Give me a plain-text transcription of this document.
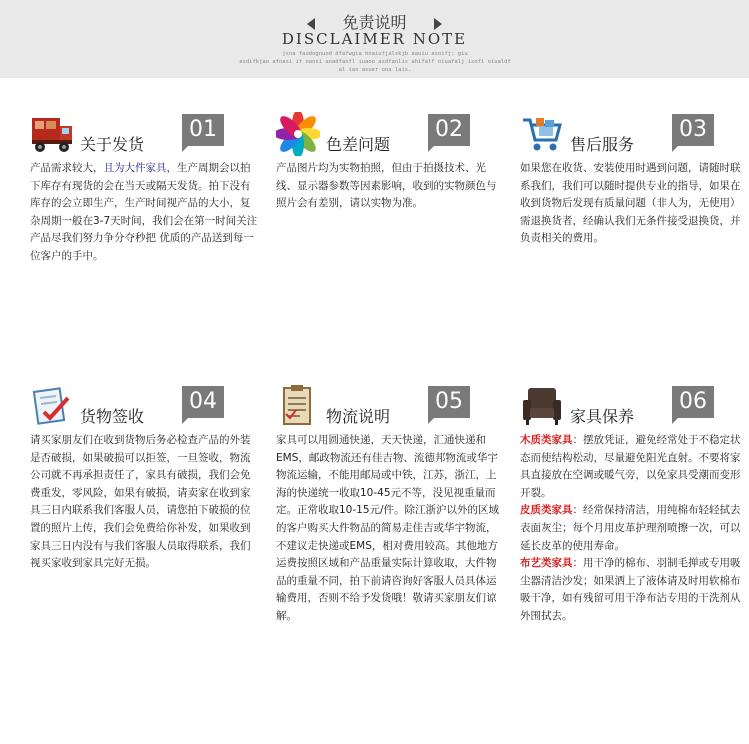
免责说明
DISCLAIMER NOTE
jsoa faudognuod dfafwgia hoaiufjalskjb aaoiu asoifj; giu
asdifkjao afoasi if oansi aoadfanfl iuaoo asdfanlis ahifalf oiuafalj isofi oiualdf
al ias asuer ooa lais.
关于发货
01
产品需求较大，且为大件家具，生产周期会以拍下库存有现货的会在当天或隔天发货。拍下没有库存的会立即生产，生产时间视产品的大小，复杂周期一般在3-7天时间，我们会在第一时间关注产品尽我们努力争分夺秒把 优质的产品送到每一位客户的手中。
色差问题
02
产品图片均为实物拍照，但由于拍摄技术、光线、显示器参数等因素影响，收到的实物颜色与照片会有差别，请以实物为准。
售后服务
03
如果您在收货、安装使用时遇到问题，请随时联系我们，我们可以随时提供专业的指导，如果在收到货物后发现有质量问题（非人为，无使用）需退换货者，经确认我们无条件接受退换货，并负责相关的费用。
货物签收
04
请买家朋友们在收到货物后务必检查产品的外装是否破损，如果破损可以拒签，一旦签收，物流公司就不再承担责任了，家具有破损，我们会免费重发，零风险，如果有破损，请卖家在收到家具三日内联系我们客服人员，请您拍下破损的位置的照片上传，我们会免费给你补发，如果收到家具三日内没有与我们客服人员取得联系，我们视买家收到家具完好无损。
物流说明
05
家具可以用圆通快递，天天快递，汇通快递和EMS，邮政物流还有佳吉物、流德邦物流或华宇物流运输，不能用邮局或中铁，江苏，浙江，上海的快递统一收取10-45元不等，没见视重量而定。正常收取10-15元/件。除江浙沪以外的区域的客户购买大件物品的简易走佳吉或华宇物流，不建议走快递或EMS，相对费用较高。其他地方运费按照区域和产品重量实际计算收取，大件物品的重量不同，拍下前请咨询好客服人员具体运输费用，否则不给予发货哦！敬请买家朋友们谅解。
家具保养
06
木质类家具：摆放凭证，避免经常处于不稳定状态而使结构松动，尽量避免阳光直射。不要将家具直接放在空调或暖气旁，以免家具受潮而变形开裂。
皮质类家具：经常保持清洁，用纯棉布轻轻拭去表面灰尘；每个月用皮革护理剂喷擦一次，可以延长皮革的使用寿命。
布艺类家具：用干净的棉布、羽制毛掸或专用吸尘器清洁沙发；如果洒上了液体请及时用软棉布吸干净，如有残留可用干净布沾专用的干洗剂从外围拭去。
